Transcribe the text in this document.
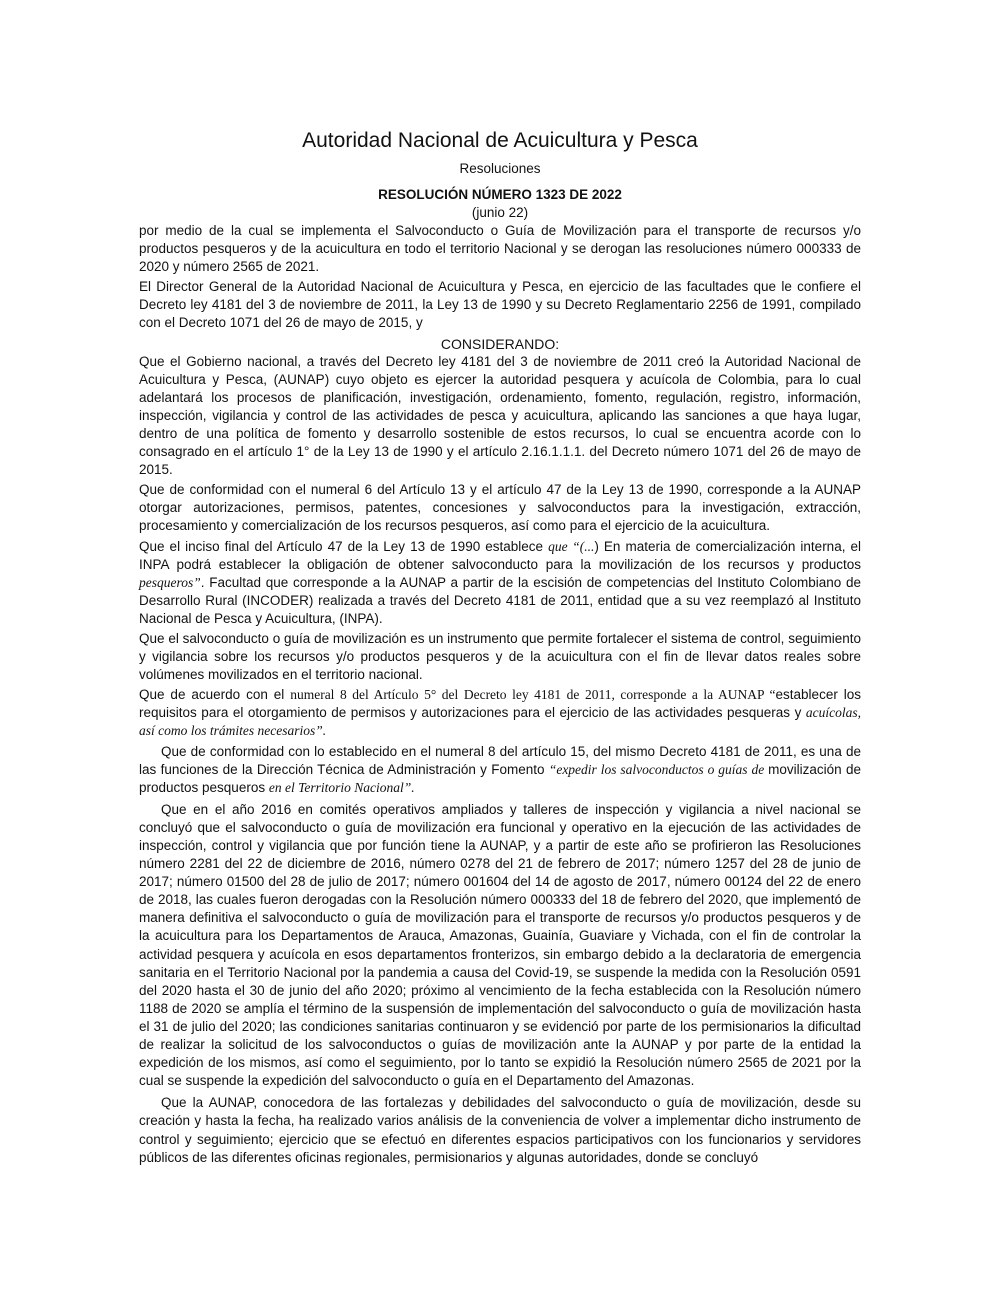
Autoridad Nacional de Acuicultura y Pesca
Resoluciones
RESOLUCIÓN NÚMERO 1323 DE 2022
(junio 22)

por medio de la cual se implementa el Salvoconducto o Guía de Movilización para el transporte de recursos y/o productos pesqueros y de la acuicultura en todo el territorio Nacional y se derogan las resoluciones número 000333 de 2020 y número 2565 de 2021.

El Director General de la Autoridad Nacional de Acuicultura y Pesca, en ejercicio de las facultades que le confiere el Decreto ley 4181 del 3 de noviembre de 2011, la Ley 13 de 1990 y su Decreto Reglamentario 2256 de 1991, compilado con el Decreto 1071 del 26 de mayo de 2015, y

CONSIDERANDO:

Que el Gobierno nacional, a través del Decreto ley 4181 del 3 de noviembre de 2011 creó la Autoridad Nacional de Acuicultura y Pesca, (AUNAP) cuyo objeto es ejercer la autoridad pesquera y acuícola de Colombia, para lo cual adelantará los procesos de planificación, investigación, ordenamiento, fomento, regulación, registro, información, inspección, vigilancia y control de las actividades de pesca y acuicultura, aplicando las sanciones a que haya lugar, dentro de una política de fomento y desarrollo sostenible de estos recursos, lo cual se encuentra acorde con lo consagrado en el artículo 1° de la Ley 13 de 1990 y el artículo 2.16.1.1.1. del Decreto número 1071 del 26 de mayo de 2015.

Que de conformidad con el numeral 6 del Artículo 13 y el artículo 47 de la Ley 13 de 1990, corresponde a la AUNAP otorgar autorizaciones, permisos, patentes, concesiones y salvoconductos para la investigación, extracción, procesamiento y comercialización de los recursos pesqueros, así como para el ejercicio de la acuicultura.

Que el inciso final del Artículo 47 de la Ley 13 de 1990 establece que “(...) En materia de comercialización interna, el INPA podrá establecer la obligación de obtener salvoconducto para la movilización de los recursos y productos pesqueros”. Facultad que corresponde a la AUNAP a partir de la escisión de competencias del Instituto Colombiano de Desarrollo Rural (INCODER) realizada a través del Decreto 4181 de 2011, entidad que a su vez reemplazó al Instituto Nacional de Pesca y Acuicultura, (INPA).

Que el salvoconducto o guía de movilización es un instrumento que permite fortalecer el sistema de control, seguimiento y vigilancia sobre los recursos y/o productos pesqueros y de la acuicultura con el fin de llevar datos reales sobre volúmenes movilizados en el territorio nacional.

Que de acuerdo con el numeral 8 del Artículo 5° del Decreto ley 4181 de 2011, corresponde a la AUNAP “establecer los requisitos para el otorgamiento de permisos y autorizaciones para el ejercicio de las actividades pesqueras y acuícolas, así como los trámites necesarios”.

Que de conformidad con lo establecido en el numeral 8 del artículo 15, del mismo Decreto 4181 de 2011, es una de las funciones de la Dirección Técnica de Administración y Fomento “expedir los salvoconductos o guías de movilización de productos pesqueros en el Territorio Nacional”.

Que en el año 2016 en comités operativos ampliados y talleres de inspección y vigilancia a nivel nacional se concluyó que el salvoconducto o guía de movilización era funcional y operativo en la ejecución de las actividades de inspección, control y vigilancia que por función tiene la AUNAP, y a partir de este año se profirieron las Resoluciones número 2281 del 22 de diciembre de 2016, número 0278 del 21 de febrero de 2017; número 1257 del 28 de junio de 2017; número 01500 del 28 de julio de 2017; número 001604 del 14 de agosto de 2017, número 00124 del 22 de enero de 2018, las cuales fueron derogadas con la Resolución número 000333 del 18 de febrero del 2020, que implementó de manera definitiva el salvoconducto o guía de movilización para el transporte de recursos y/o productos pesqueros y de la acuicultura para los Departamentos de Arauca, Amazonas, Guainía, Guaviare y Vichada, con el fin de controlar la actividad pesquera y acuícola en esos departamentos fronterizos, sin embargo debido a la declaratoria de emergencia sanitaria en el Territorio Nacional por la pandemia a causa del Covid-19, se suspende la medida con la Resolución 0591 del 2020 hasta el 30 de junio del año 2020; próximo al vencimiento de la fecha establecida con la Resolución número 1188 de 2020 se amplía el término de la suspensión de implementación del salvoconducto o guía de movilización hasta el 31 de julio del 2020; las condiciones sanitarias continuaron y se evidenció por parte de los permisionarios la dificultad de realizar la solicitud de los salvoconductos o guías de movilización ante la AUNAP y por parte de la entidad la expedición de los mismos, así como el seguimiento, por lo tanto se expidió la Resolución número 2565 de 2021 por la cual se suspende la expedición del salvoconducto o guía en el Departamento del Amazonas.

Que la AUNAP, conocedora de las fortalezas y debilidades del salvoconducto o guía de movilización, desde su creación y hasta la fecha, ha realizado varios análisis de la conveniencia de volver a implementar dicho instrumento de control y seguimiento; ejercicio que se efectuó en diferentes espacios participativos con los funcionarios y servidores públicos de las diferentes oficinas regionales, permisionarios y algunas autoridades, donde se concluyó
